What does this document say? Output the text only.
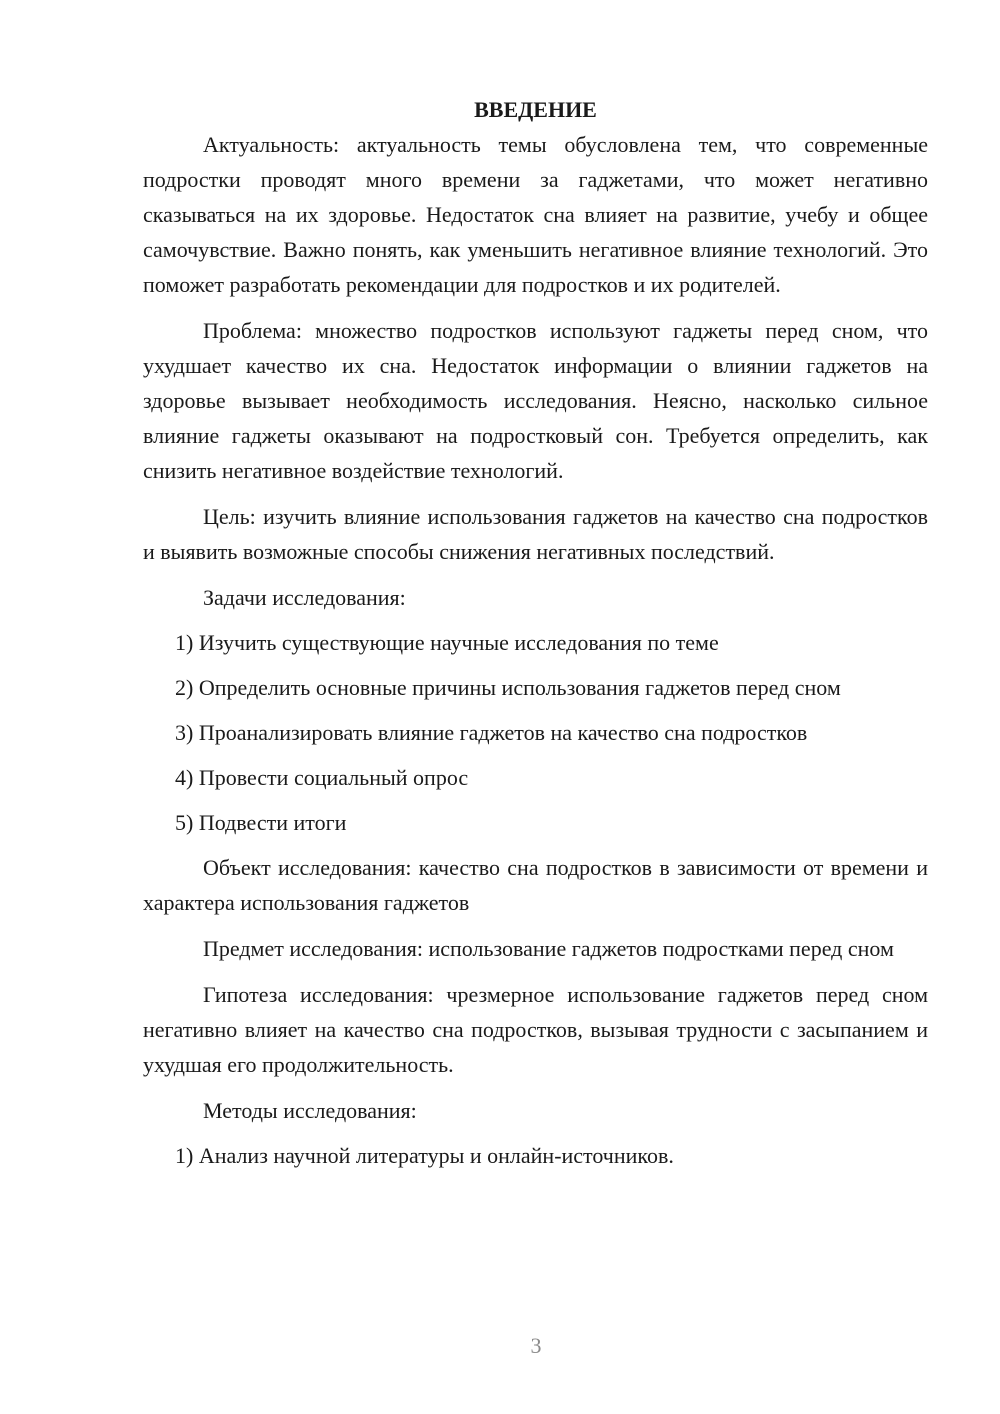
ВВЕДЕНИЕ

Актуальность: актуальность темы обусловлена тем, что современные подростки проводят много времени за гаджетами, что может негативно сказываться на их здоровье. Недостаток сна влияет на развитие, учебу и общее самочувствие. Важно понять, как уменьшить негативное влияние технологий. Это поможет разработать рекомендации для подростков и их родителей.

Проблема: множество подростков используют гаджеты перед сном, что ухудшает качество их сна. Недостаток информации о влиянии гаджетов на здоровье вызывает необходимость исследования. Неясно, насколько сильное влияние гаджеты оказывают на подростковый сон. Требуется определить, как снизить негативное воздействие технологий.

Цель: изучить влияние использования гаджетов на качество сна подростков и выявить возможные способы снижения негативных последствий.

Задачи исследования:

1) Изучить существующие научные исследования по теме
2) Определить основные причины использования гаджетов перед сном
3) Проанализировать влияние гаджетов на качество сна подростков
4) Провести социальный опрос
5) Подвести итоги

Объект исследования: качество сна подростков в зависимости от времени и характера использования гаджетов

Предмет исследования: использование гаджетов подростками перед сном

Гипотеза исследования: чрезмерное использование гаджетов перед сном негативно влияет на качество сна подростков, вызывая трудности с засыпанием и ухудшая его продолжительность.

Методы исследования:

1) Анализ научной литературы и онлайн-источников.
3
